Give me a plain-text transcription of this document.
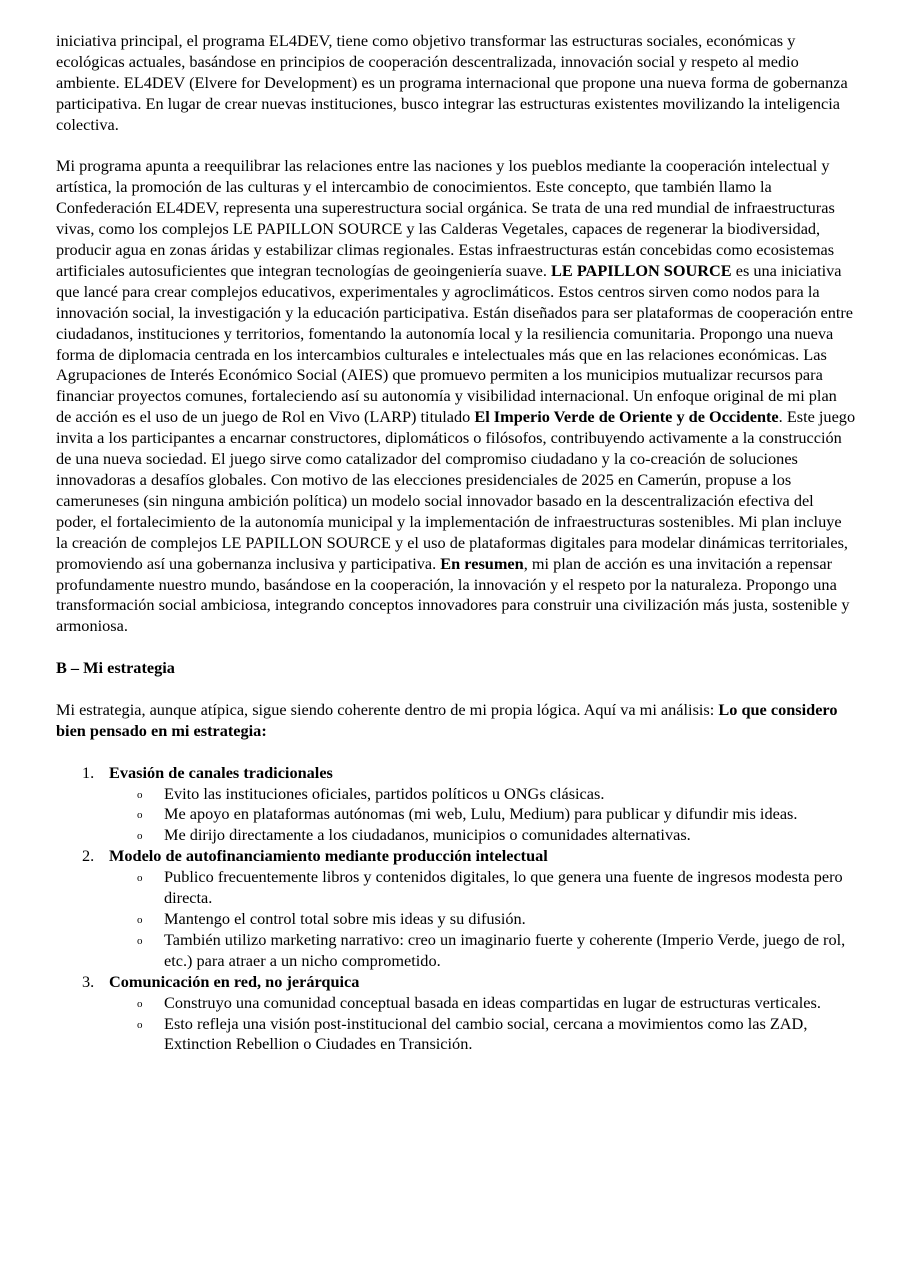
iniciativa principal, el programa EL4DEV, tiene como objetivo transformar las estructuras sociales, económicas y ecológicas actuales, basándose en principios de cooperación descentralizada, innovación social y respeto al medio ambiente. EL4DEV (Elvere for Development) es un programa internacional que propone una nueva forma de gobernanza participativa. En lugar de crear nuevas instituciones, busco integrar las estructuras existentes movilizando la inteligencia colectiva.

Mi programa apunta a reequilibrar las relaciones entre las naciones y los pueblos mediante la cooperación intelectual y artística, la promoción de las culturas y el intercambio de conocimientos. Este concepto, que también llamo la Confederación EL4DEV, representa una superestructura social orgánica. Se trata de una red mundial de infraestructuras vivas, como los complejos LE PAPILLON SOURCE y las Calderas Vegetales, capaces de regenerar la biodiversidad, producir agua en zonas áridas y estabilizar climas regionales. Estas infraestructuras están concebidas como ecosistemas artificiales autosuficientes que integran tecnologías de geoingeniería suave. LE PAPILLON SOURCE es una iniciativa que lancé para crear complejos educativos, experimentales y agroclimáticos. Estos centros sirven como nodos para la innovación social, la investigación y la educación participativa. Están diseñados para ser plataformas de cooperación entre ciudadanos, instituciones y territorios, fomentando la autonomía local y la resiliencia comunitaria. Propongo una nueva forma de diplomacia centrada en los intercambios culturales e intelectuales más que en las relaciones económicas. Las Agrupaciones de Interés Económico Social (AIES) que promuevo permiten a los municipios mutualizar recursos para financiar proyectos comunes, fortaleciendo así su autonomía y visibilidad internacional. Un enfoque original de mi plan de acción es el uso de un juego de Rol en Vivo (LARP) titulado El Imperio Verde de Oriente y de Occidente. Este juego invita a los participantes a encarnar constructores, diplomáticos o filósofos, contribuyendo activamente a la construcción de una nueva sociedad. El juego sirve como catalizador del compromiso ciudadano y la co-creación de soluciones innovadoras a desafíos globales. Con motivo de las elecciones presidenciales de 2025 en Camerún, propuse a los cameruneses (sin ninguna ambición política) un modelo social innovador basado en la descentralización efectiva del poder, el fortalecimiento de la autonomía municipal y la implementación de infraestructuras sostenibles. Mi plan incluye la creación de complejos LE PAPILLON SOURCE y el uso de plataformas digitales para modelar dinámicas territoriales, promoviendo así una gobernanza inclusiva y participativa. En resumen, mi plan de acción es una invitación a repensar profundamente nuestro mundo, basándose en la cooperación, la innovación y el respeto por la naturaleza. Propongo una transformación social ambiciosa, integrando conceptos innovadores para construir una civilización más justa, sostenible y armoniosa.

B – Mi estrategia

Mi estrategia, aunque atípica, sigue siendo coherente dentro de mi propia lógica. Aquí va mi análisis: Lo que considero bien pensado en mi estrategia:

1. Evasión de canales tradicionales
o Evito las instituciones oficiales, partidos políticos u ONGs clásicas.
o Me apoyo en plataformas autónomas (mi web, Lulu, Medium) para publicar y difundir mis ideas.
o Me dirijo directamente a los ciudadanos, municipios o comunidades alternativas.
2. Modelo de autofinanciamiento mediante producción intelectual
o Publico frecuentemente libros y contenidos digitales, lo que genera una fuente de ingresos modesta pero directa.
o Mantengo el control total sobre mis ideas y su difusión.
o También utilizo marketing narrativo: creo un imaginario fuerte y coherente (Imperio Verde, juego de rol, etc.) para atraer a un nicho comprometido.
3. Comunicación en red, no jerárquica
o Construyo una comunidad conceptual basada en ideas compartidas en lugar de estructuras verticales.
o Esto refleja una visión post-institucional del cambio social, cercana a movimientos como las ZAD, Extinction Rebellion o Ciudades en Transición.
